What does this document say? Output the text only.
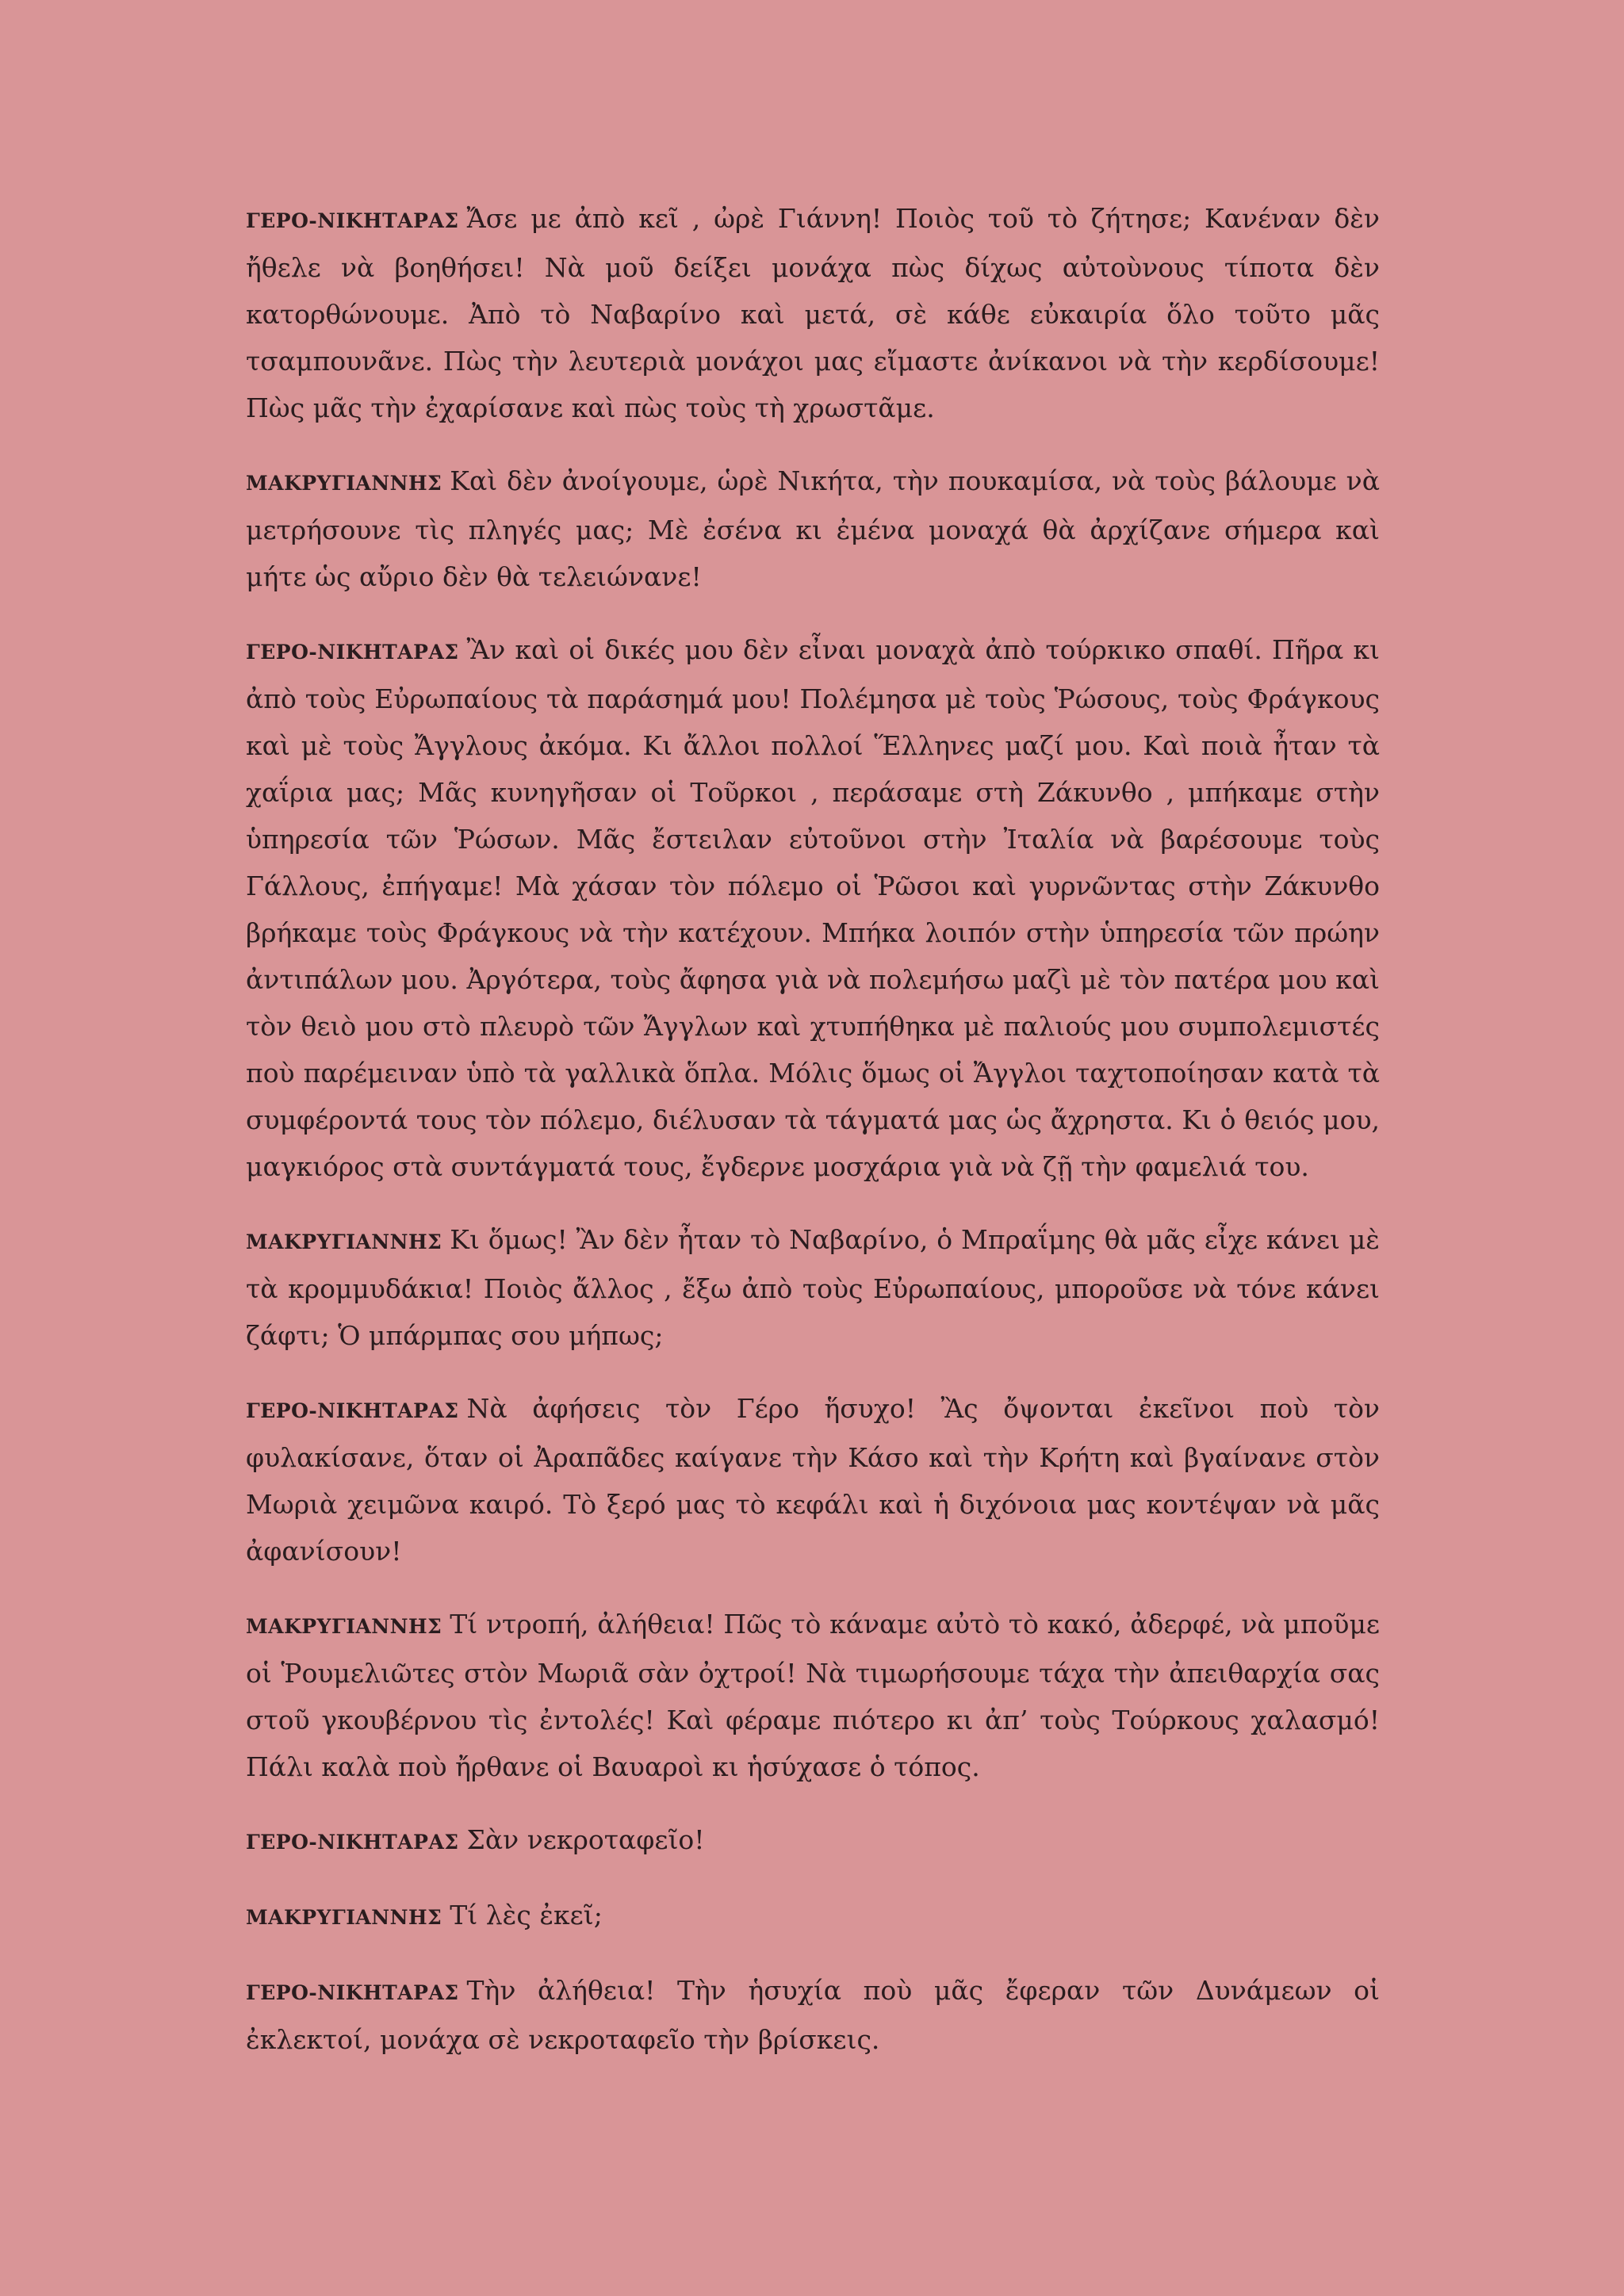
ΓΕΡΟ-ΝΙΚΗΤΑΡΑΣ Ἄσε με ἀπὸ κεῖ , ὠρὲ Γιάννη! Ποιὸς τοῦ τὸ ζήτησε; Κανέναν δὲν ἤθελε νὰ βοηθήσει! Νὰ μοῦ δείξει μονάχα πὼς δίχως αὐτοὺνους τίποτα δὲν κατορθώνουμε. Ἀπὸ τὸ Ναβαρίνο καὶ μετά, σὲ κάθε εὐκαιρία ὅλο τοῦτο μᾶς τσαμπουνᾶνε. Πὼς τὴν λευτεριὰ μονάχοι μας εἴμαστε ἀνίκανοι νὰ τὴν κερδίσουμε! Πὼς μᾶς τὴν ἐχαρίσανε καὶ πὼς τοὺς τὴ χρωστᾶμε.

ΜΑΚΡΥΓΙΑΝΝΗΣ Καὶ δὲν ἀνοίγουμε, ὡρὲ Νικήτα, τὴν πουκαμίσα, νὰ τοὺς βάλουμε νὰ μετρήσουνε τὶς πληγές μας; Μὲ ἐσένα κι ἐμένα μοναχά θὰ ἀρχίζανε σήμερα καὶ μήτε ὡς αὔριο δὲν θὰ τελειώνανε!

ΓΕΡΟ-ΝΙΚΗΤΑΡΑΣ Ἂν καὶ οἱ δικές μου δὲν εἶναι μοναχὰ ἀπὸ τούρκικο σπαθί. Πῆρα κι ἀπὸ τοὺς Εὐρωπαίους τὰ παράσημά μου! Πολέμησα μὲ τοὺς Ῥώσους, τοὺς Φράγκους καὶ μὲ τοὺς Ἄγγλους ἀκόμα. Κι ἄλλοι πολλοί Ἕλληνες μαζί μου. Καὶ ποιὰ ἦταν τὰ χαΐρια μας; Μᾶς κυνηγῆσαν οἱ Τοῦρκοι , περάσαμε στὴ Ζάκυνθο , μπήκαμε στὴν ὑπηρεσία τῶν Ῥώσων. Μᾶς ἔστειλαν εὐτοῦνοι στὴν Ἰταλία νὰ βαρέσουμε τοὺς Γάλλους, ἐπήγαμε! Μὰ χάσαν τὸν πόλεμο οἱ Ῥῶσοι καὶ γυρνῶντας στὴν Ζάκυνθο βρήκαμε τοὺς Φράγκους νὰ τὴν κατέχουν. Μπήκα λοιπόν στὴν ὑπηρεσία τῶν πρώην ἀντιπάλων μου. Ἀργότερα, τοὺς ἄφησα γιὰ νὰ πολεμήσω μαζὶ μὲ τὸν πατέρα μου καὶ τὸν θειὸ μου στὸ πλευρὸ τῶν Ἄγγλων καὶ χτυπήθηκα μὲ παλιούς μου συμπολεμιστές ποὺ παρέμειναν ὑπὸ τὰ γαλλικὰ ὅπλα. Μόλις ὅμως οἱ Ἄγγλοι ταχτοποίησαν κατὰ τὰ συμφέροντά τους τὸν πόλεμο, διέλυσαν τὰ τάγματά μας ὡς ἄχρηστα. Κι ὁ θειός μου, μαγκιόρος στὰ συντάγματά τους, ἔγδερνε μοσχάρια γιὰ νὰ ζῇ τὴν φαμελιά του.

ΜΑΚΡΥΓΙΑΝΝΗΣ Κι ὅμως! Ἂν δὲν ἦταν τὸ Ναβαρίνο, ὁ Μπραΐμης θὰ μᾶς εἶχε κάνει μὲ τὰ κρομμυδάκια! Ποιὸς ἄλλος , ἔξω ἀπὸ τοὺς Εὐρωπαίους, μποροῦσε νὰ τόνε κάνει ζάφτι; Ὁ μπάρμπας σου μήπως;

ΓΕΡΟ-ΝΙΚΗΤΑΡΑΣ Νὰ ἀφήσεις τὸν Γέρο ἥσυχο! Ἂς ὄψονται ἐκεῖνοι ποὺ τὸν φυλακίσανε, ὅταν οἱ Ἀραπᾶδες καίγανε τὴν Κάσο καὶ τὴν Κρήτη καὶ βγαίνανε στὸν Μωριὰ χειμῶνα καιρό. Τὸ ξερό μας τὸ κεφάλι καὶ ἡ διχόνοια μας κοντέψαν νὰ μᾶς ἀφανίσουν!

ΜΑΚΡΥΓΙΑΝΝΗΣ Τί ντροπή, ἀλήθεια! Πῶς τὸ κάναμε αὐτὸ τὸ κακό, ἀδερφέ, νὰ μποῦμε οἱ Ῥουμελιῶτες στὸν Μωριᾶ σὰν ὀχτροί! Νὰ τιμωρήσουμε τάχα τὴν ἀπειθαρχία σας στοῦ γκουβέρνου τὶς ἐντολές! Καὶ φέραμε πιότερο κι ἀπ’ τοὺς Τούρκους χαλασμό! Πάλι καλὰ ποὺ ἤρθανε οἱ Βαυαροὶ κι ἡσύχασε ὁ τόπος.

ΓΕΡΟ-ΝΙΚΗΤΑΡΑΣ Σὰν νεκροταφεῖο!

ΜΑΚΡΥΓΙΑΝΝΗΣ Τί λὲς ἐκεῖ;

ΓΕΡΟ-ΝΙΚΗΤΑΡΑΣ Τὴν ἀλήθεια! Τὴν ἡσυχία ποὺ μᾶς ἔφεραν τῶν Δυνάμεων οἱ ἐκλεκτοί, μονάχα σὲ νεκροταφεῖο τὴν βρίσκεις.
